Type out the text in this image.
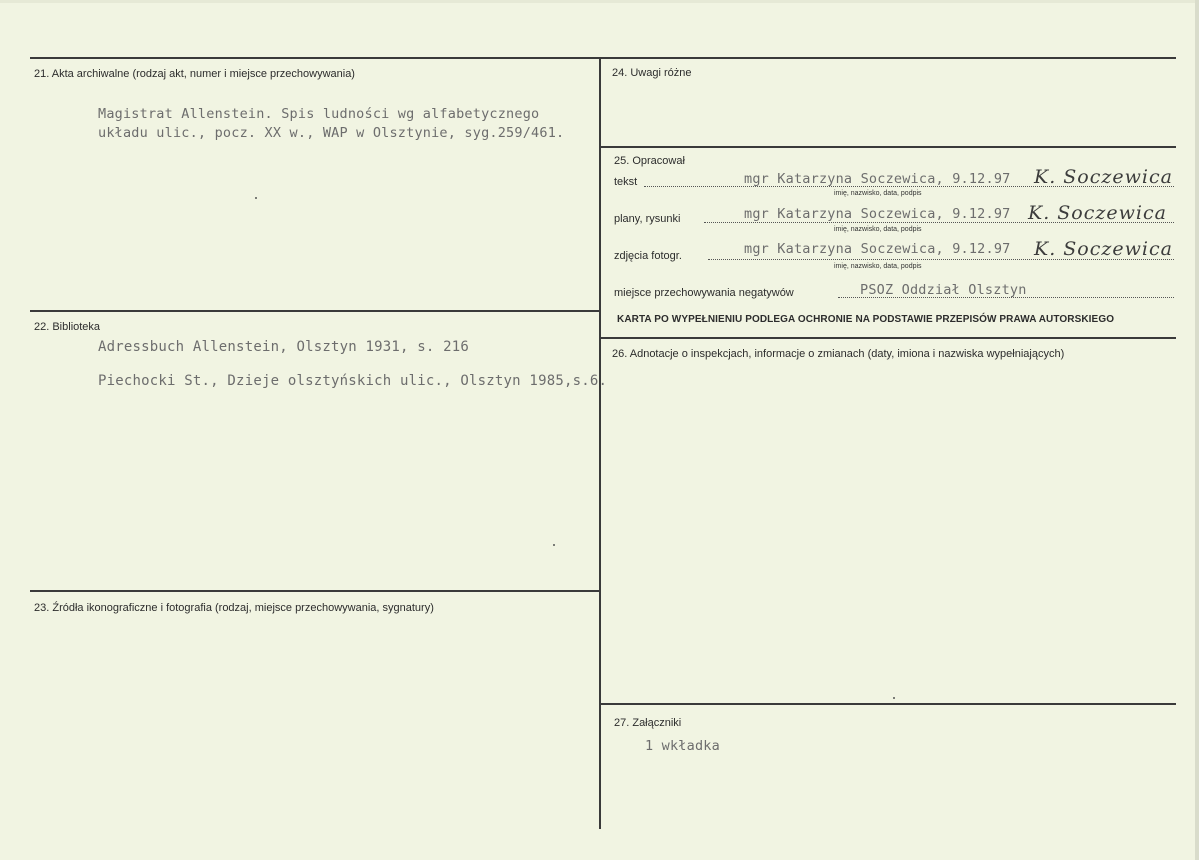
21. Akta archiwalne (rodzaj akt, numer i miejsce przechowywania)
Magistrat Allenstein. Spis ludności wg alfabetycznego
układu ulic., pocz. XX w., WAP w Olsztynie, syg.259/461.
22. Biblioteka
Adressbuch Allenstein, Olsztyn 1931, s. 216
Piechocki St., Dzieje olsztyńskich ulic., Olsztyn 1985,s.6.
23. Źródła ikonograficzne i fotografia (rodzaj, miejsce przechowywania, sygnatury)
24. Uwagi różne
25. Opracował
tekst	mgr Katarzyna Soczewica, 9.12.97 K. Soczewica
imię, nazwisko, data, podpis
plany, rysunki	mgr Katarzyna Soczewica, 9.12.97 K. Soczewica
imię, nazwisko, data, podpis
zdjęcia fotogr.	mgr Katarzyna Soczewica, 9.12.97 K. Soczewica
imię, nazwisko, data, podpis
miejsce przechowywania negatywów	PSOZ Oddział Olsztyn
KARTA PO WYPEŁNIENIU PODLEGA OCHRONIE NA PODSTAWIE PRZEPISÓW PRAWA AUTORSKIEGO
26. Adnotacje o inspekcjach, informacje o zmianach (daty, imiona i nazwiska wypełniających)
27. Załączniki
1 wkładka
